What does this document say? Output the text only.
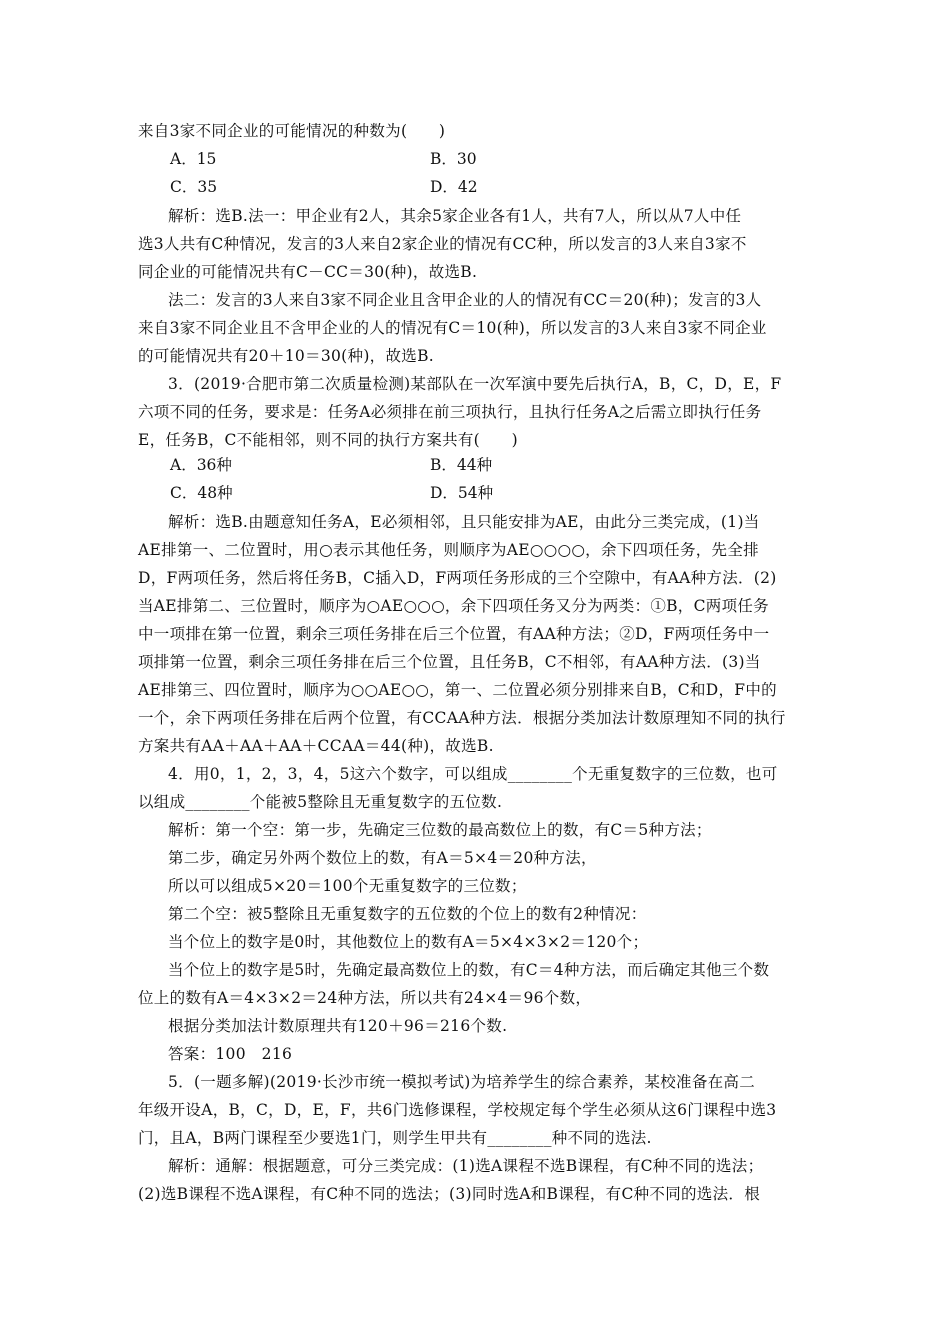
来自3家不同企业的可能情况的种数为(　　)
A．15	B．30
C．35	D．42
解析：选B.法一：甲企业有2人，其余5家企业各有1人，共有7人，所以从7人中任
选3人共有C种情况，发言的3人来自2家企业的情况有CC种，所以发言的3人来自3家不
同企业的可能情况共有C－CC＝30(种)，故选B.
法二：发言的3人来自3家不同企业且含甲企业的人的情况有CC＝20(种)；发言的3人
来自3家不同企业且不含甲企业的人的情况有C＝10(种)，所以发言的3人来自3家不同企业
的可能情况共有20＋10＝30(种)，故选B.
3．(2019·合肥市第二次质量检测)某部队在一次军演中要先后执行A，B，C，D，E，F
六项不同的任务，要求是：任务A必须排在前三项执行，且执行任务A之后需立即执行任务
E，任务B，C不能相邻，则不同的执行方案共有(　　)
A．36种	B．44种
C．48种	D．54种
解析：选B.由题意知任务A，E必须相邻，且只能安排为AE，由此分三类完成，(1)当
AE排第一、二位置时，用○表示其他任务，则顺序为AE○○○○，余下四项任务，先全排
D，F两项任务，然后将任务B，C插入D，F两项任务形成的三个空隙中，有AA种方法．(2)
当AE排第二、三位置时，顺序为○AE○○○，余下四项任务又分为两类：①B，C两项任务
中一项排在第一位置，剩余三项任务排在后三个位置，有AA种方法；②D，F两项任务中一
项排第一位置，剩余三项任务排在后三个位置，且任务B，C不相邻，有AA种方法．(3)当
AE排第三、四位置时，顺序为○○AE○○，第一、二位置必须分别排来自B，C和D，F中的
一个，余下两项任务排在后两个位置，有CCAA种方法．根据分类加法计数原理知不同的执行
方案共有AA＋AA＋AA＋CCAA＝44(种)，故选B.
4．用0，1，2，3，4，5这六个数字，可以组成________个无重复数字的三位数，也可
以组成________个能被5整除且无重复数字的五位数.
解析：第一个空：第一步，先确定三位数的最高数位上的数，有C＝5种方法；
第二步，确定另外两个数位上的数，有A＝5×4＝20种方法，
所以可以组成5×20＝100个无重复数字的三位数；
第二个空：被5整除且无重复数字的五位数的个位上的数有2种情况：
当个位上的数字是0时，其他数位上的数有A＝5×4×3×2＝120个；
当个位上的数字是5时，先确定最高数位上的数，有C＝4种方法，而后确定其他三个数
位上的数有A＝4×3×2＝24种方法，所以共有24×4＝96个数，
根据分类加法计数原理共有120＋96＝216个数.
答案：100　216
5．(一题多解)(2019·长沙市统一模拟考试)为培养学生的综合素养，某校准备在高二
年级开设A，B，C，D，E，F，共6门选修课程，学校规定每个学生必须从这6门课程中选3
门，且A，B两门课程至少要选1门，则学生甲共有________种不同的选法.
解析：通解：根据题意，可分三类完成：(1)选A课程不选B课程，有C种不同的选法；
(2)选B课程不选A课程，有C种不同的选法；(3)同时选A和B课程，有C种不同的选法．根
